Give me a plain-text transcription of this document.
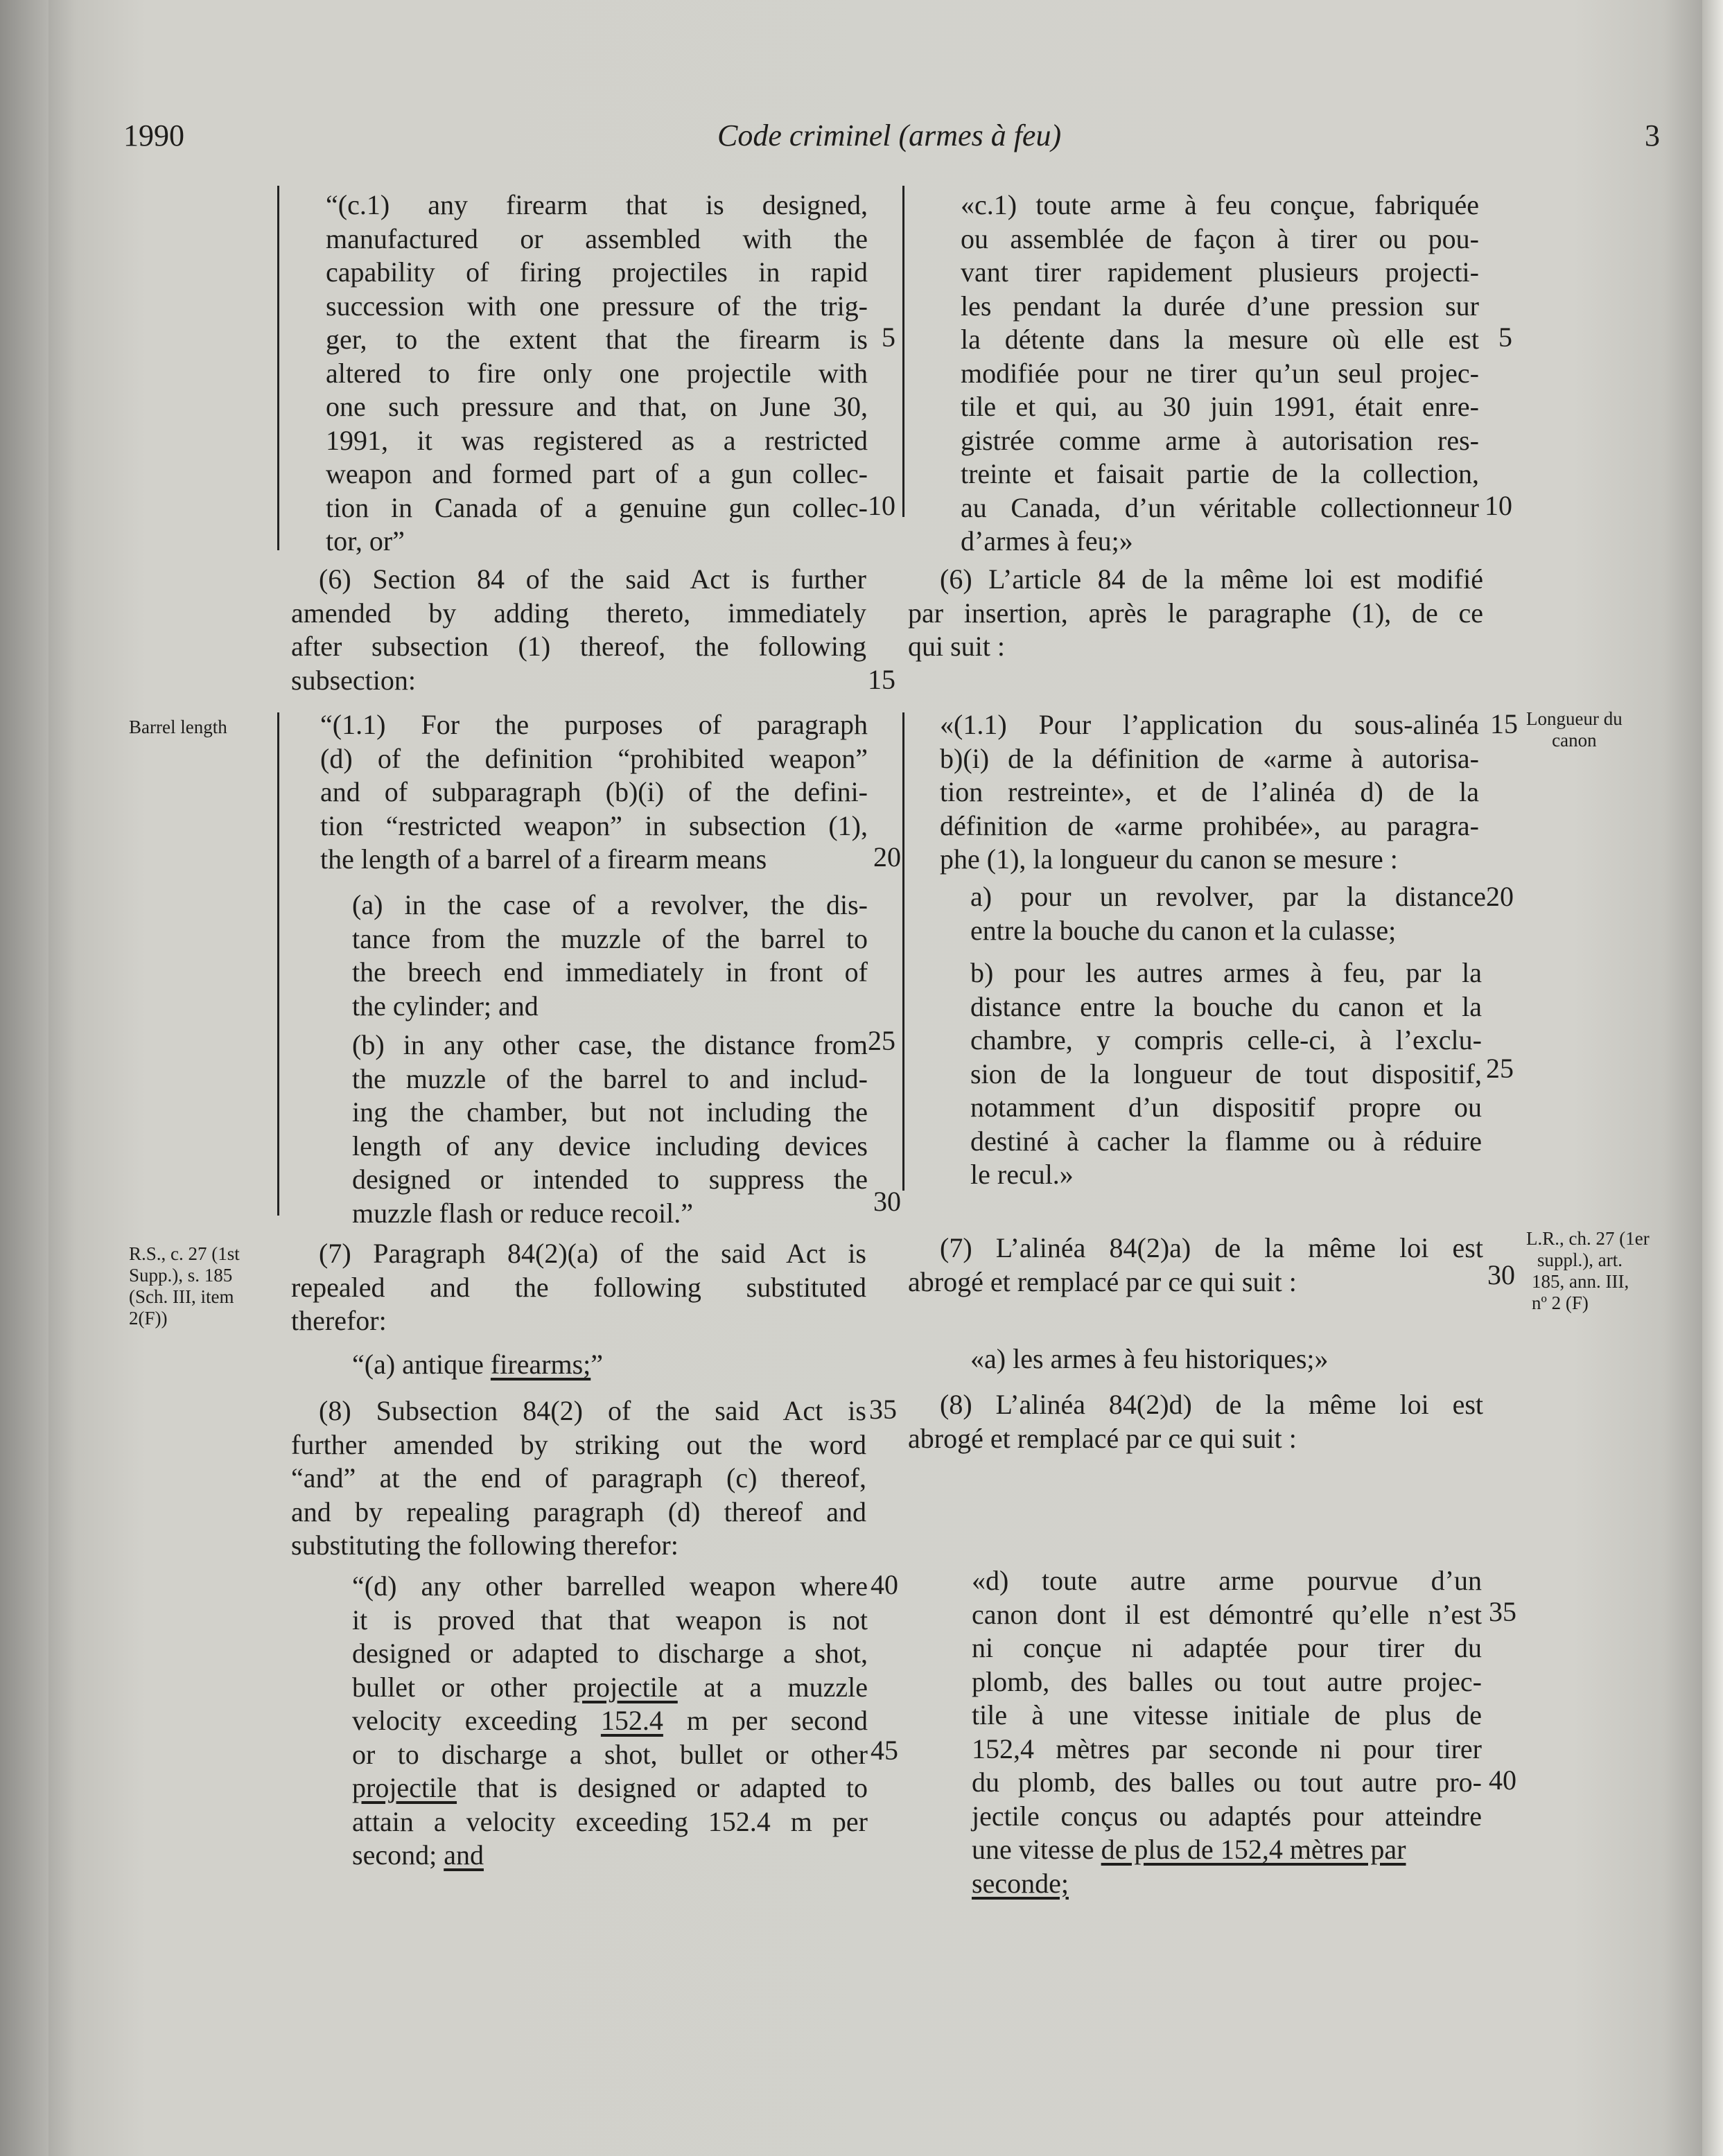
1990	Code criminel (armes à feu)	3
“(c.1) any firearm that is designed,
manufactured or assembled with the
capability of firing projectiles in rapid
succession with one pressure of the trig-
ger, to the extent that the firearm is
altered to fire only one projectile with
one such pressure and that, on June 30,
1991, it was registered as a restricted
weapon and formed part of a gun collec-
tion in Canada of a genuine gun collec-
tor, or”
(6) Section 84 of the said Act is further
amended by adding thereto, immediately
after subsection (1) thereof, the following
subsection:
“(1.1) For the purposes of paragraph
(d) of the definition “prohibited weapon”
and of subparagraph (b)(i) of the defini-
tion “restricted weapon” in subsection (1),
the length of a barrel of a firearm means
(a) in the case of a revolver, the dis-
tance from the muzzle of the barrel to
the breech end immediately in front of
the cylinder; and
(b) in any other case, the distance from
the muzzle of the barrel to and includ-
ing the chamber, but not including the
length of any device including devices
designed or intended to suppress the
muzzle flash or reduce recoil.”
(7) Paragraph 84(2)(a) of the said Act is
repealed and the following substituted
therefor:
“(a) antique firearms;”
(8) Subsection 84(2) of the said Act is
further amended by striking out the word
“and” at the end of paragraph (c) thereof,
and by repealing paragraph (d) thereof and
substituting the following therefor:
“(d) any other barrelled weapon where
it is proved that that weapon is not
designed or adapted to discharge a shot,
bullet or other projectile at a muzzle
velocity exceeding 152.4 m per second
or to discharge a shot, bullet or other
projectile that is designed or adapted to
attain a velocity exceeding 152.4 m per
second; and
5
10
15
20
25
30
35
40
45
«c.1) toute arme à feu conçue, fabriquée
ou assemblée de façon à tirer ou pou-
vant tirer rapidement plusieurs projecti-
les pendant la durée d’une pression sur
la détente dans la mesure où elle est
modifiée pour ne tirer qu’un seul projec-
tile et qui, au 30 juin 1991, était enre-
gistrée comme arme à autorisation res-
treinte et faisait partie de la collection,
au Canada, d’un véritable collectionneur
d’armes à feu;»
(6) L’article 84 de la même loi est modifié
par insertion, après le paragraphe (1), de ce
qui suit :
«(1.1) Pour l’application du sous-alinéa
b)(i) de la définition de «arme à autorisa-
tion restreinte», et de l’alinéa d) de la
définition de «arme prohibée», au paragra-
phe (1), la longueur du canon se mesure :
a) pour un revolver, par la distance
entre la bouche du canon et la culasse;
b) pour les autres armes à feu, par la
distance entre la bouche du canon et la
chambre, y compris celle-ci, à l’exclu-
sion de la longueur de tout dispositif,
notamment d’un dispositif propre ou
destiné à cacher la flamme ou à réduire
le recul.»
(7) L’alinéa 84(2)a) de la même loi est
abrogé et remplacé par ce qui suit :
«a) les armes à feu historiques;»
(8) L’alinéa 84(2)d) de la même loi est
abrogé et remplacé par ce qui suit :
«d) toute autre arme pourvue d’un
canon dont il est démontré qu’elle n’est
ni conçue ni adaptée pour tirer du
plomb, des balles ou tout autre projec-
tile à une vitesse initiale de plus de
152,4 mètres par seconde ni pour tirer
du plomb, des balles ou tout autre pro-
jectile conçus ou adaptés pour atteindre
une vitesse de plus de 152,4 mètres par
seconde;
5
10
15
20
25
30
35
40
Barrel length
R.S., c. 27 (1st
Supp.), s. 185
(Sch. III, item
2(F))
Longueur du
canon
L.R., ch. 27 (1er
suppl.), art.
185, ann. III,
nº 2 (F)
